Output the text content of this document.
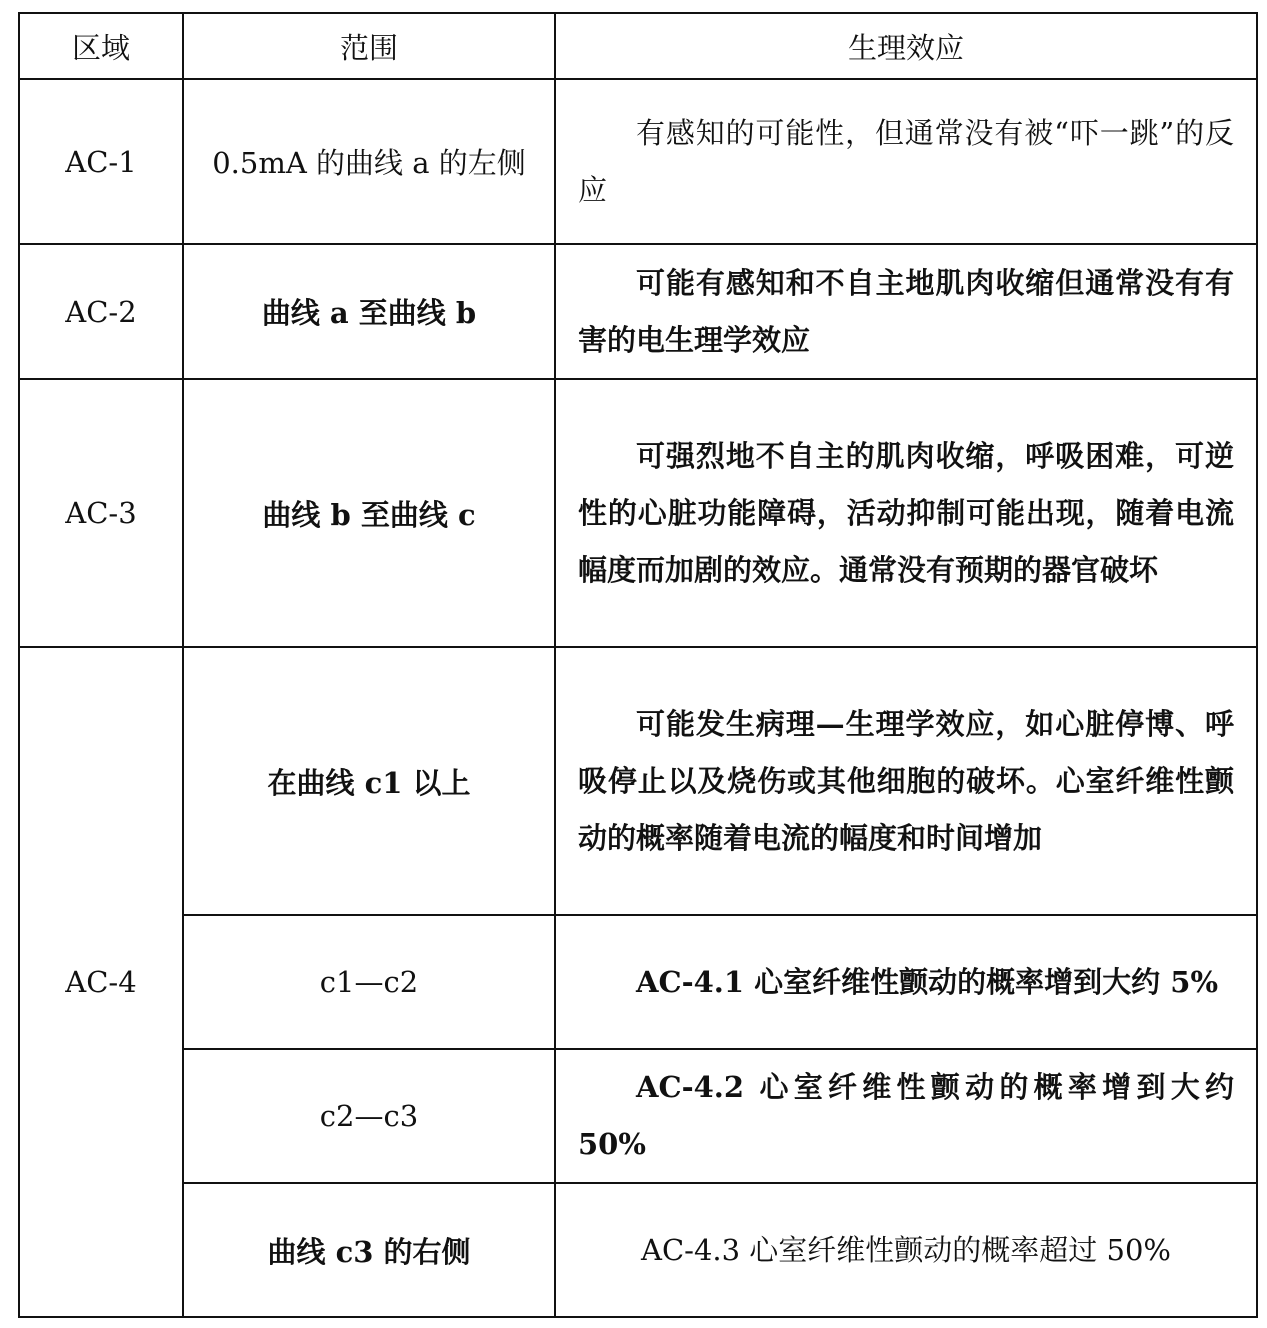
区域	范围	生理效应
AC-1	0.5mA 的曲线 a 的左侧	有感知的可能性，但通常没有被“吓一跳”的反应

AC-2	曲线 a 至曲线 b	可能有感知和不自主地肌肉收缩但通常没有有害的电生理学效应

AC-3	曲线 b 至曲线 c	可强烈地不自主的肌肉收缩，呼吸困难，可逆性的心脏功能障碍，活动抑制可能出现，随着电流幅度而加剧的效应。通常没有预期的器官破坏

AC-4	在曲线 c1 以上	可能发生病理—生理学效应，如心脏停博、呼吸停止以及烧伤或其他细胞的破坏。心室纤维性颤动的概率随着电流的幅度和时间增加

	c1—c2	AC-4.1 心室纤维性颤动的概率增到大约 5%

	c2—c3	AC-4.2 心室纤维性颤动的概率增到大约 50%

	曲线 c3 的右侧	AC-4.3 心室纤维性颤动的概率超过 50%
